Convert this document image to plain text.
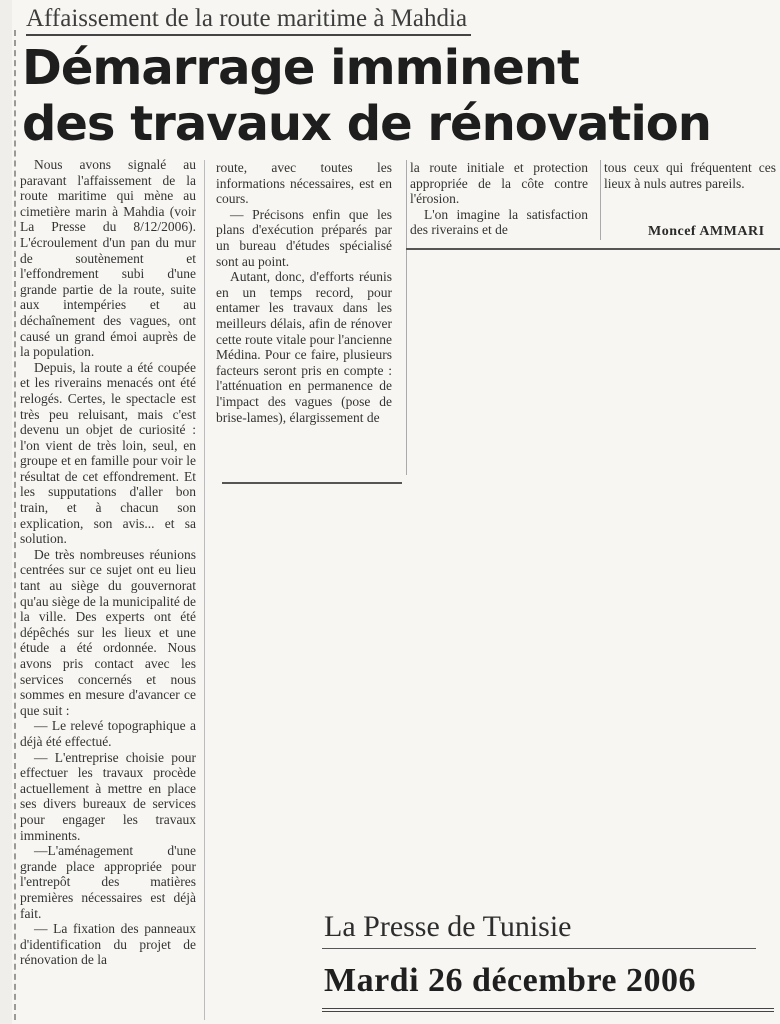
Affaissement de la route maritime à Mahdia
Démarrage imminent
des travaux de rénovation

Nous avons signalé au paravant l'affaissement de la route maritime qui mène au cimetière marin à Mahdia (voir La Presse du 8/12/2006). L'écroulement d'un pan du mur de soutènement et l'effondrement subi d'une grande partie de la route, suite aux intempéries et au déchaînement des vagues, ont causé un grand émoi auprès de la population.

Depuis, la route a été coupée et les riverains menacés ont été relogés. Certes, le spectacle est très peu reluisant, mais c'est devenu un objet de curiosité : l'on vient de très loin, seul, en groupe et en famille pour voir le résultat de cet effondrement. Et les supputations d'aller bon train, et à chacun son explication, son avis... et sa solution.

De très nombreuses réunions centrées sur ce sujet ont eu lieu tant au siège du gouvernorat qu'au siège de la municipalité de la ville. Des experts ont été dépêchés sur les lieux et une étude a été ordonnée. Nous avons pris contact avec les services concernés et nous sommes en mesure d'avancer ce que suit :

— Le relevé topographique a déjà été effectué.

— L'entreprise choisie pour effectuer les travaux procède actuellement à mettre en place ses divers bureaux de services pour engager les travaux imminents.

—L'aménagement d'une grande place appropriée pour l'entrepôt des matières premières nécessaires est déjà fait.

— La fixation des panneaux d'identification du projet de rénovation de la

route, avec toutes les informations nécessaires, est en cours.

— Précisons enfin que les plans d'exécution préparés par un bureau d'études spécialisé sont au point.

Autant, donc, d'efforts réunis en un temps record, pour entamer les travaux dans les meilleurs délais, afin de rénover cette route vitale pour l'ancienne Médina. Pour ce faire, plusieurs facteurs seront pris en compte : l'atténuation en permanence de l'impact des vagues (pose de brise-lames), élargissement de

la route initiale et protection appropriée de la côte contre l'érosion.

L'on imagine la satisfaction des riverains et de

tous ceux qui fréquentent ces lieux à nuls autres pareils.

Moncef AMMARI

La Presse de Tunisie

Mardi 26 décembre 2006
